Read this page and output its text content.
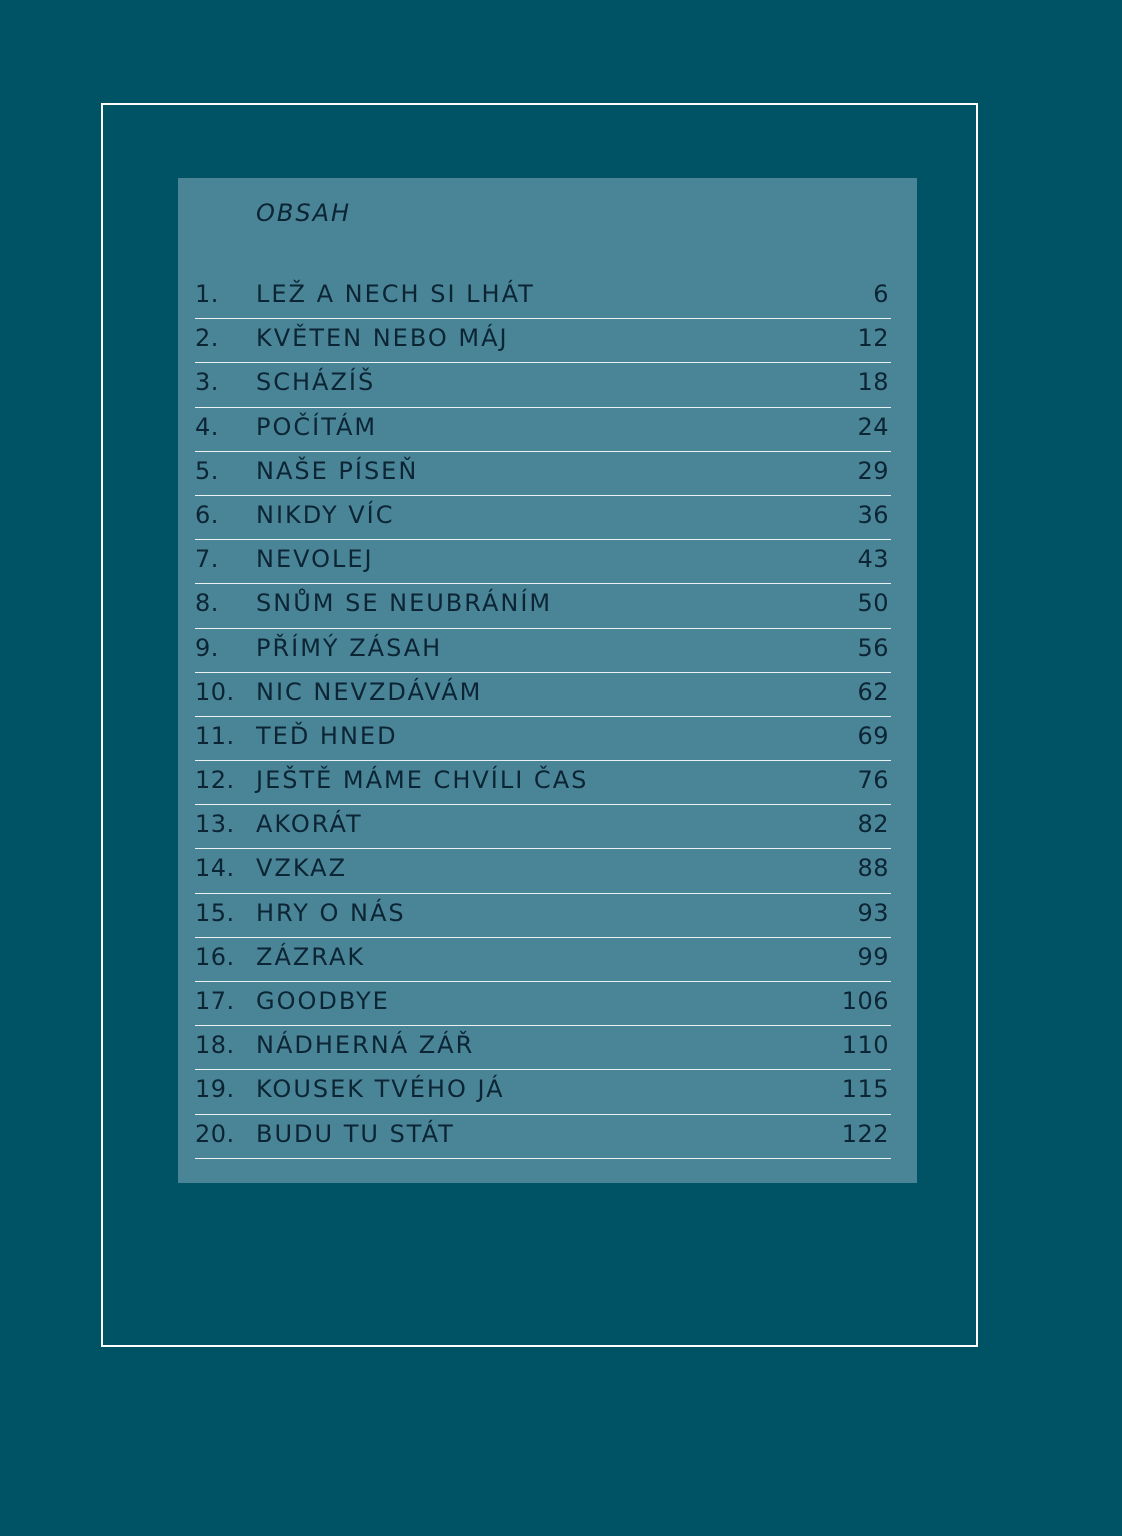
OBSAH
1. LEŽ A NECH SI LHÁT	6
2. KVĚTEN NEBO MÁJ	12
3. SCHÁZÍŠ	18
4. POČÍTÁM	24
5. NAŠE PÍSEŇ	29
6. NIKDY VÍC	36
7. NEVOLEJ	43
8. SNŮM SE NEUBRÁNÍM	50
9. PŘÍMÝ ZÁSAH	56
10. NIC NEVZDÁVÁM	62
11. TEĎ HNED	69
12. JEŠTĚ MÁME CHVÍLI ČAS	76
13. AKORÁT	82
14. VZKAZ	88
15. HRY O NÁS	93
16. ZÁZRAK	99
17. GOODBYE	106
18. NÁDHERNÁ ZÁŘ	110
19. KOUSEK TVÉHO JÁ	115
20. BUDU TU STÁT	122
